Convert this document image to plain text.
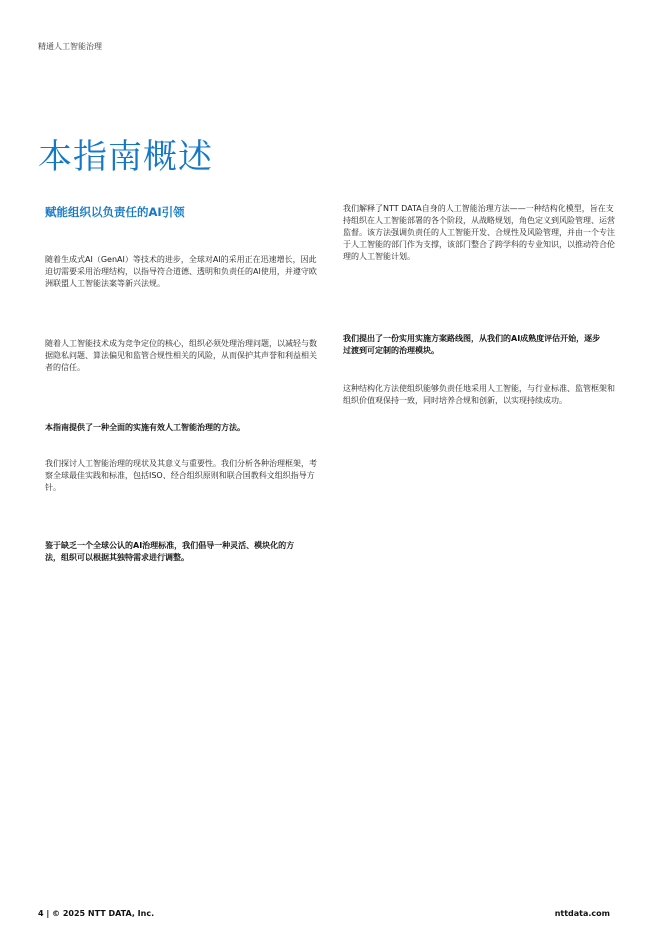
精通人工智能治理
本指南概述
赋能组织以负责任的AI引领

随着生成式AI（GenAI）等技术的进步，全球对AI的采用正在迅速增长，因此迫切需要采用治理结构，以指导符合道德、透明和负责任的AI使用，并遵守欧洲联盟人工智能法案等新兴法规。

随着人工智能技术成为竞争定位的核心，组织必须处理治理问题，以减轻与数据隐私问题、算法偏见和监管合规性相关的风险，从而保护其声誉和利益相关者的信任。

本指南提供了一种全面的实施有效人工智能治理的方法。

我们探讨人工智能治理的现状及其意义与重要性。我们分析各种治理框架，考察全球最佳实践和标准，包括ISO、经合组织原则和联合国教科文组织指导方针。

鉴于缺乏一个全球公认的AI治理标准，我们倡导一种灵活、模块化的方法，组织可以根据其独特需求进行调整。

我们解释了NTT DATA自身的人工智能治理方法——一种结构化模型，旨在支持组织在人工智能部署的各个阶段，从战略规划，角色定义到风险管理、运营监督。该方法强调负责任的人工智能开发、合规性及风险管理，并由一个专注于人工智能的部门作为支撑，该部门整合了跨学科的专业知识，以推动符合伦理的人工智能计划。

我们提出了一份实用实施方案路线图，从我们的AI成熟度评估开始，逐步过渡到可定制的治理模块。

这种结构化方法使组织能够负责任地采用人工智能，与行业标准、监管框架和组织价值观保持一致，同时培养合规和创新，以实现持续成功。

4 | © 2025 NTT DATA, Inc.	nttdata.com
